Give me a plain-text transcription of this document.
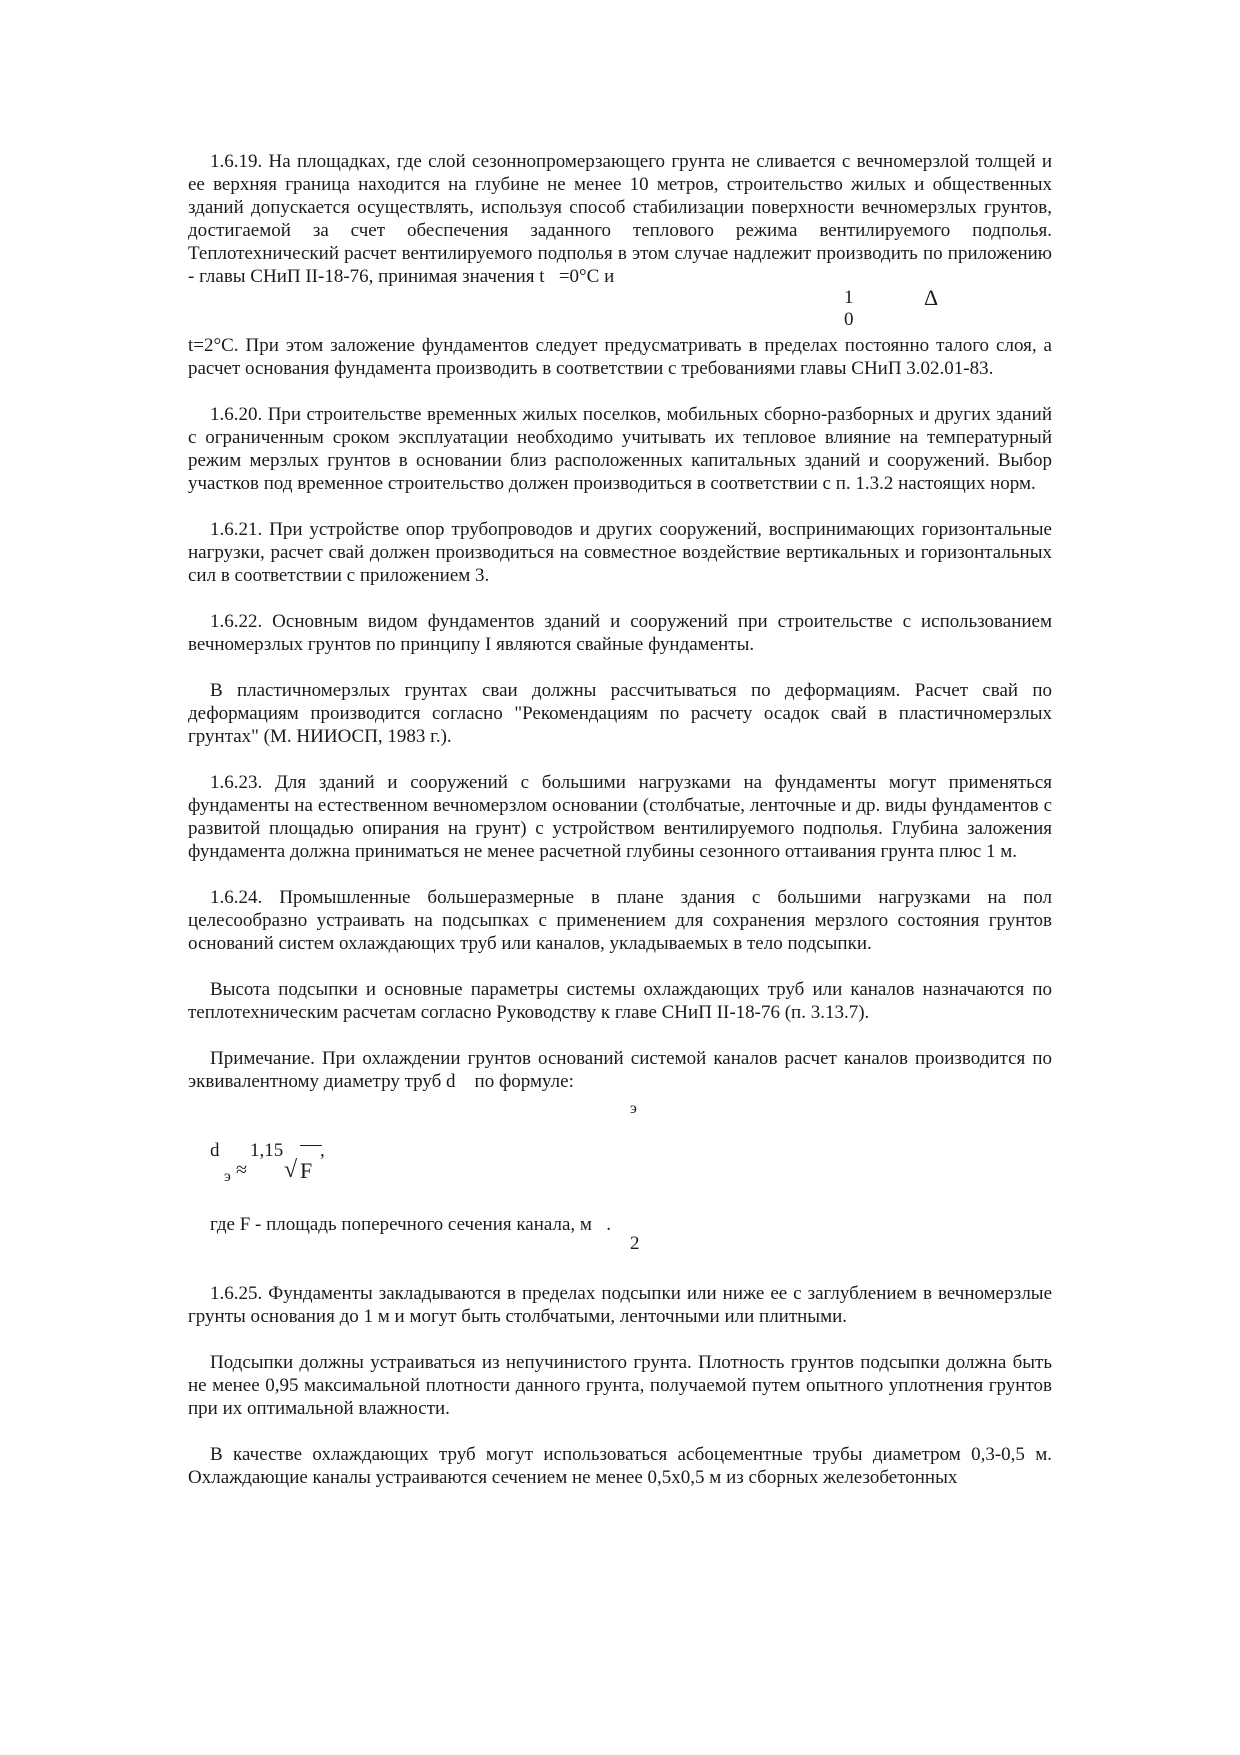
1.6.19. На площадках, где слой сезоннопромерзающего грунта не сливается с вечномерзлой толщей и ее верхняя граница находится на глубине не менее 10 метров, строительство жилых и общественных зданий допускается осуществлять, используя способ стабилизации поверхности вечномерзлых грунтов, достигаемой за счет обеспечения заданного теплового режима вентилируемого подполья. Теплотехнический расчет вентилируемого подполья в этом случае надлежит производить по приложению - главы СНиП II-18-76, принимая значения t =0°С и

1
0
Δ

t=2°С. При этом заложение фундаментов следует предусматривать в пределах постоянно талого слоя, а расчет основания фундамента производить в соответствии с требованиями главы СНиП 3.02.01-83.

1.6.20. При строительстве временных жилых поселков, мобильных сборно-разборных и других зданий с ограниченным сроком эксплуатации необходимо учитывать их тепловое влияние на температурный режим мерзлых грунтов в основании близ расположенных капитальных зданий и сооружений. Выбор участков под временное строительство должен производиться в соответствии с п. 1.3.2 настоящих норм.

1.6.21. При устройстве опор трубопроводов и других сооружений, воспринимающих горизонтальные нагрузки, расчет свай должен производиться на совместное воздействие вертикальных и горизонтальных сил в соответствии с приложением 3.

1.6.22. Основным видом фундаментов зданий и сооружений при строительстве с использованием вечномерзлых грунтов по принципу I являются свайные фундаменты.

В пластичномерзлых грунтах сваи должны рассчитываться по деформациям. Расчет свай по деформациям производится согласно "Рекомендациям по расчету осадок свай в пластичномерзлых грунтах" (М. НИИОСП, 1983 г.).

1.6.23. Для зданий и сооружений с большими нагрузками на фундаменты могут применяться фундаменты на естественном вечномерзлом основании (столбчатые, ленточные и др. виды фундаментов с развитой площадью опирания на грунт) с устройством вентилируемого подполья. Глубина заложения фундамента должна приниматься не менее расчетной глубины сезонного оттаивания грунта плюс 1 м.

1.6.24. Промышленные большеразмерные в плане здания с большими нагрузками на пол целесообразно устраивать на подсыпках с применением для сохранения мерзлого состояния грунтов оснований систем охлаждающих труб или каналов, укладываемых в тело подсыпки.

Высота подсыпки и основные параметры системы охлаждающих труб или каналов назначаются по теплотехническим расчетам согласно Руководству к главе СНиП II-18-76 (п. 3.13.7).

Примечание. При охлаждении грунтов оснований системой каналов расчет каналов производится по эквивалентному диаметру труб d по формуле:

э
d 1,15 ,
э ≈ √ F

где F - площадь поперечного сечения канала, м .

2

1.6.25. Фундаменты закладываются в пределах подсыпки или ниже ее с заглублением в вечномерзлые грунты основания до 1 м и могут быть столбчатыми, ленточными или плитными.

Подсыпки должны устраиваться из непучинистого грунта. Плотность грунтов подсыпки должна быть не менее 0,95 максимальной плотности данного грунта, получаемой путем опытного уплотнения грунтов при их оптимальной влажности.

В качестве охлаждающих труб могут использоваться асбоцементные трубы диаметром 0,3-0,5 м. Охлаждающие каналы устраиваются сечением не менее 0,5х0,5 м из сборных железобетонных
